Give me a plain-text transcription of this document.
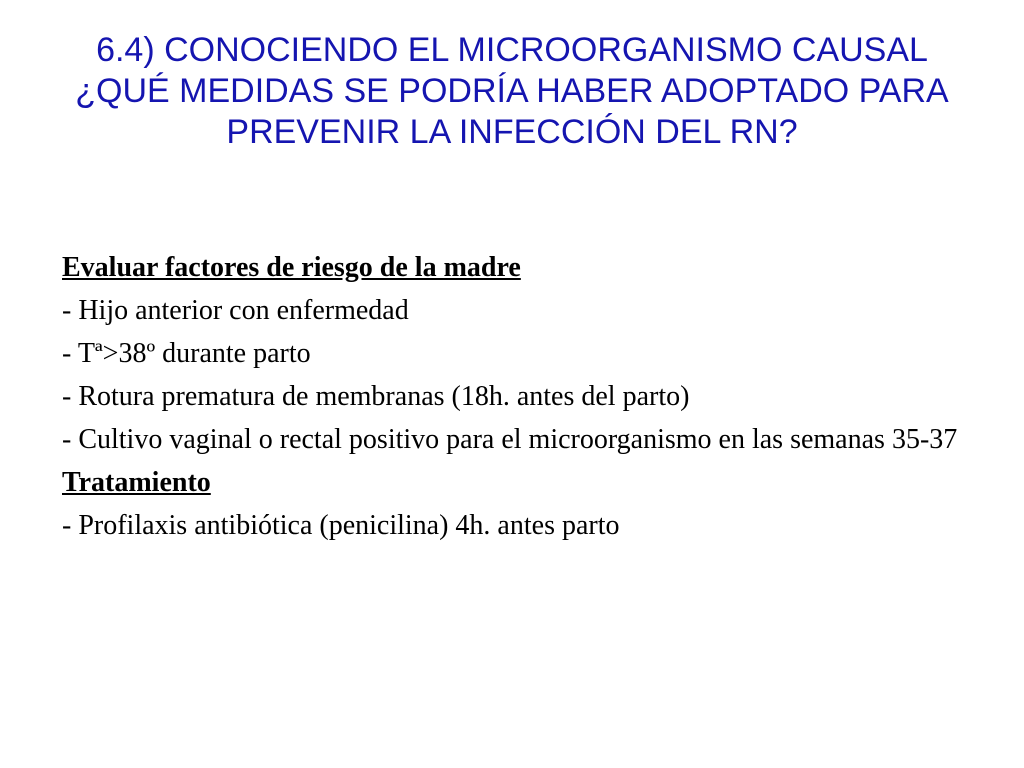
6.4) CONOCIENDO EL MICROORGANISMO CAUSAL ¿QUÉ MEDIDAS SE PODRÍA HABER ADOPTADO PARA PREVENIR LA INFECCIÓN DEL RN?
Evaluar factores de riesgo de la madre
- Hijo anterior con enfermedad
- Tª>38º durante parto
- Rotura prematura de membranas (18h. antes del parto)
- Cultivo vaginal o rectal positivo para el microorganismo en las semanas 35-37
Tratamiento
- Profilaxis antibiótica (penicilina) 4h. antes parto
